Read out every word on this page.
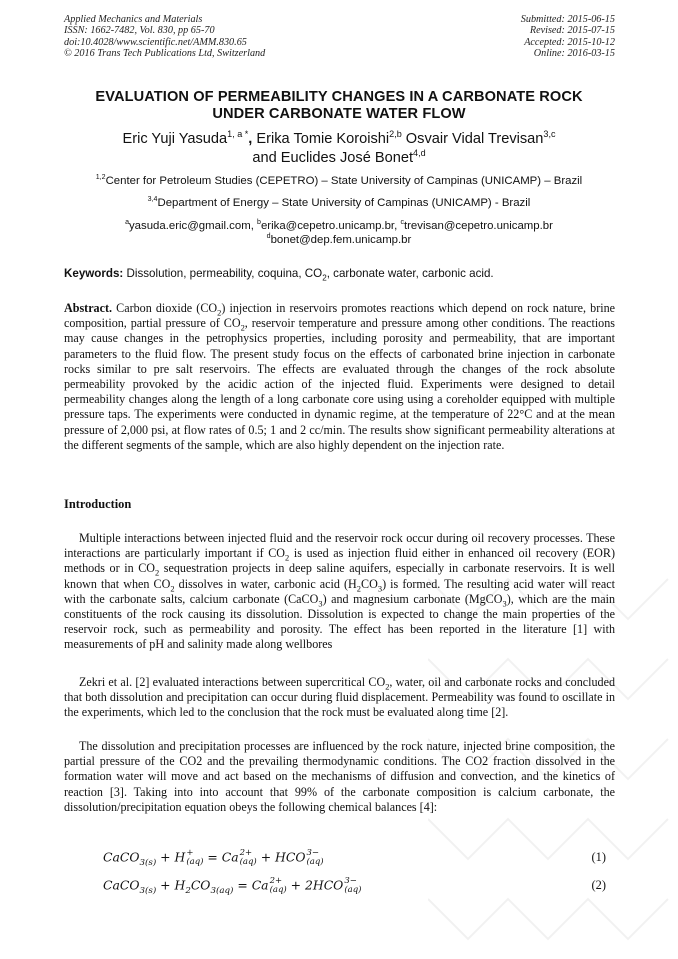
Applied Mechanics and Materials
ISSN: 1662-7482, Vol. 830, pp 65-70
doi:10.4028/www.scientific.net/AMM.830.65
© 2016 Trans Tech Publications Ltd, Switzerland
Submitted: 2015-06-15
Revised: 2015-07-15
Accepted: 2015-10-12
Online: 2016-03-15
EVALUATION OF PERMEABILITY CHANGES IN A CARBONATE ROCK
UNDER CARBONATE WATER FLOW
Eric Yuji Yasuda$^{1, a *}$, Erika Tomie Koroishi$^{2,b}$ Osvair Vidal Trevisan$^{3,c}$
and Euclides José Bonet$^{4,d}$
$^{1,2}$Center for Petroleum Studies (CEPETRO) – State University of Campinas (UNICAMP) – Brazil
$^{3,4}$Department of Energy – State University of Campinas (UNICAMP) - Brazil
$^a$yasuda.eric@gmail.com, $^b$erika@cepetro.unicamp.br, $^c$trevisan@cepetro.unicamp.br
$^d$bonet@dep.fem.unicamp.br
Keywords: Dissolution, permeability, coquina, $CO_2$, carbonate water, carbonic acid.
Abstract. Carbon dioxide $(CO_2)$ injection in reservoirs promotes reactions which depend on rock nature, brine composition, partial pressure of $CO_2$, reservoir temperature and pressure among other conditions. The reactions may cause changes in the petrophysics properties, including porosity and permeability, that are important parameters to the fluid flow. The present study focus on the effects of carbonated brine injection in carbonate rocks similar to pre salt reservoirs. The effects are evaluated through the changes of the rock absolute permeability provoked by the acidic action of the injected fluid. Experiments were designed to detail permeability changes along the length of a long carbonate core using using a coreholder equipped with multiple pressure taps. The experiments were conducted in dynamic regime, at the temperature of 22°C and at the mean pressure of 2,000 psi, at flow rates of 0.5; 1 and 2 cc/min. The results show significant permeability alterations at the different segments of the sample, which are also highly dependent on the injection rate.
Introduction
Multiple interactions between injected fluid and the reservoir rock occur during oil recovery processes. These interactions are particularly important if $CO_2$ is used as injection fluid either in enhanced oil recovery (EOR) methods or in $CO_2$ sequestration projects in deep saline aquifers, especially in carbonate reservoirs. It is well known that when $CO_2$ dissolves in water, carbonic acid $(H_2CO_3)$ is formed. The resulting acid water will react with the carbonate salts, calcium carbonate (CaCO$_3$) and magnesium carbonate (MgCO$_3$), which are the main constituents of the rock causing its dissolution. Dissolution is expected to change the main properties of the reservoir rock, such as permeability and porosity. The effect has been reported in the literature [1] with measurements of pH and salinity made along wellbores
Zekri et al. [2] evaluated interactions between supercritical $CO_2$, water, oil and carbonate rocks and concluded that both dissolution and precipitation can occur during fluid displacement. Permeability was found to oscillate in the experiments, which led to the conclusion that the rock must be evaluated along time [2].
The dissolution and precipitation processes are influenced by the rock nature, injected brine composition, the partial pressure of the CO2 and the prevailing thermodynamic conditions. The CO2 fraction dissolved in the formation water will move and act based on the mechanisms of diffusion and convection, and the kinetics of reaction [3]. Taking into into account that 99% of the carbonate composition is calcium carbonate, the dissolution/precipitation equation obeys the following chemical balances [4]:
CaCO$_{3(s)}$ + H +
(aq) = Ca 2+
(aq) + HCO 3−
(aq)	(1)
CaCO$_{3(s)}$ + $H_2CO_{3(aq)} = Ca$ 2+
(aq) + 2HCO 3−
(aq)	(2)
